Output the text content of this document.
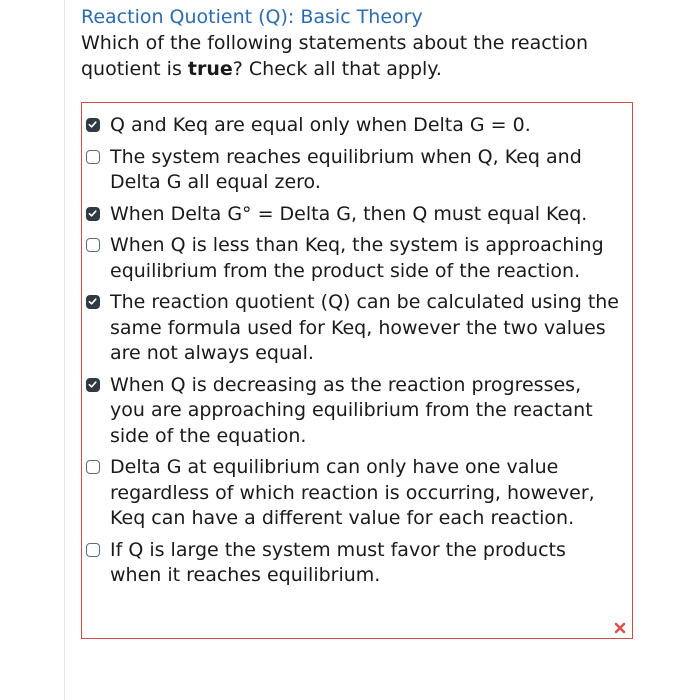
Reaction Quotient (Q): Basic Theory
Which of the following statements about the reaction quotient is true? Check all that apply.
Q and Keq are equal only when Delta G = 0.
The system reaches equilibrium when Q, Keq and Delta G all equal zero.
When Delta G° = Delta G, then Q must equal Keq.
When Q is less than Keq, the system is approaching equilibrium from the product side of the reaction.
The reaction quotient (Q) can be calculated using the same formula used for Keq, however the two values are not always equal.
When Q is decreasing as the reaction progresses, you are approaching equilibrium from the reactant side of the equation.
Delta G at equilibrium can only have one value regardless of which reaction is occurring, however, Keq can have a different value for each reaction.
If Q is large the system must favor the products when it reaches equilibrium.
